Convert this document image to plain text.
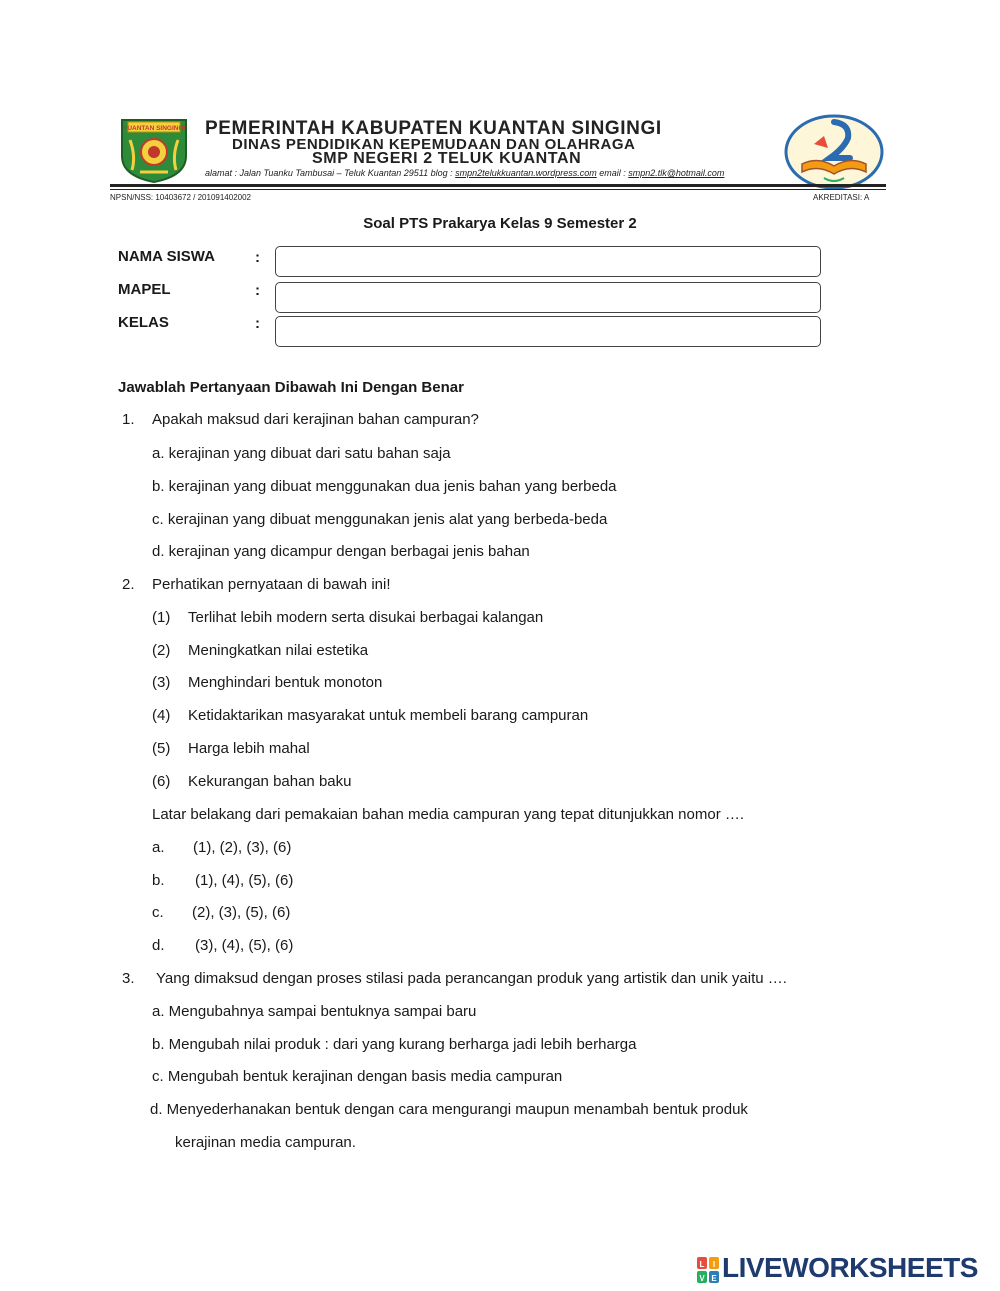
KUANTAN SINGINGI PEMERINTAH KABUPATEN KUANTAN SINGINGI
DINAS PENDIDIKAN KEPEMUDAAN DAN OLAHRAGA
SMP NEGERI 2 TELUK KUANTAN
alamat : Jalan Tuanku Tambusai – Teluk Kuantan 29511 blog : smpn2telukkuantan.wordpress.com email : smpn2.tlk@hotmail.com
NPSN/NSS: 10403672 / 201091402002	AKREDITASI: A
Soal PTS Prakarya Kelas 9 Semester 2
NAMA SISWA	:
MAPEL	:
KELAS	:
Jawablah Pertanyaan Dibawah Ini Dengan Benar
1. Apakah maksud dari kerajinan bahan campuran?
a. kerajinan yang dibuat dari satu bahan saja
b. kerajinan yang dibuat menggunakan dua jenis bahan yang berbeda
c. kerajinan yang dibuat menggunakan jenis alat yang berbeda-beda
d. kerajinan yang dicampur dengan berbagai jenis bahan
2. Perhatikan pernyataan di bawah ini!
(1) Terlihat lebih modern serta disukai berbagai kalangan
(2) Meningkatkan nilai estetika
(3) Menghindari bentuk monoton
(4) Ketidaktarikan masyarakat untuk membeli barang campuran
(5) Harga lebih mahal
(6) Kekurangan bahan baku
Latar belakang dari pemakaian bahan media campuran yang tepat ditunjukkan nomor ….
a. (1), (2), (3), (6)
b. (1), (4), (5), (6)
c. (2), (3), (5), (6)
d. (3), (4), (5), (6)
3. Yang dimaksud dengan proses stilasi pada perancangan produk yang artistik dan unik yaitu ….
a. Mengubahnya sampai bentuknya sampai baru
b. Mengubah nilai produk : dari yang kurang berharga jadi lebih berharga
c. Mengubah bentuk kerajinan dengan basis media campuran
d. Menyederhanakan bentuk dengan cara mengurangi maupun menambah bentuk produk
kerajinan media campuran.
L I
V E LIVEWORKSHEETS
